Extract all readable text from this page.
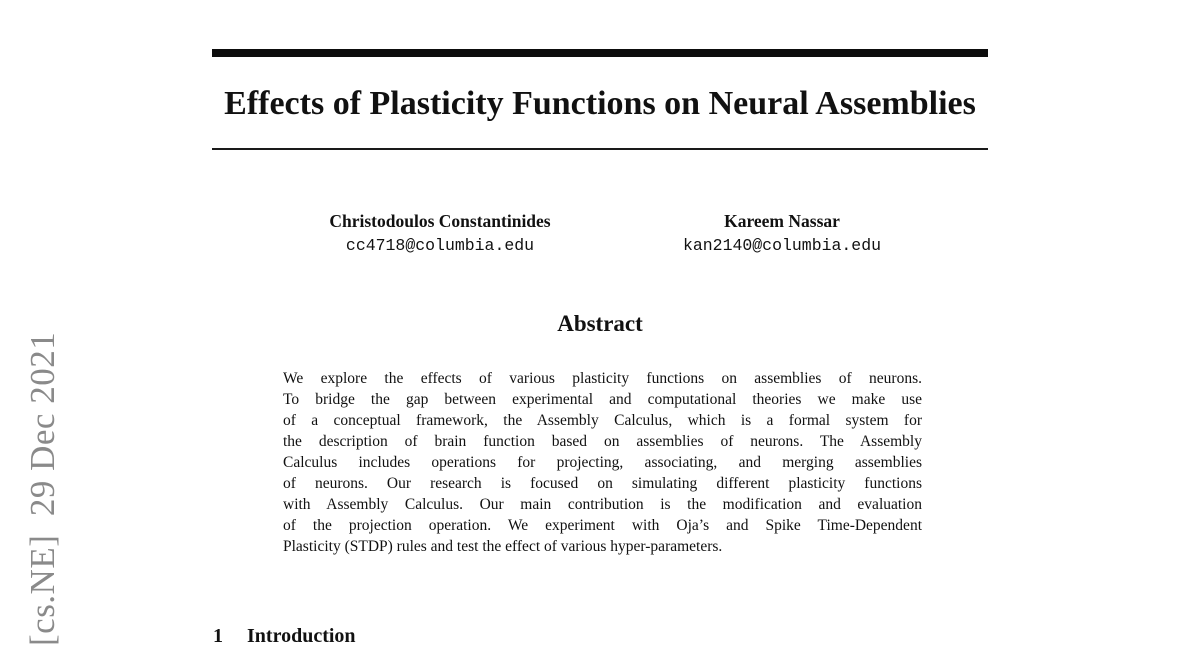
[cs.NE]  29 Dec 2021
Effects of Plasticity Functions on Neural Assemblies
Christodoulos Constantinides
cc4718@columbia.edu
Kareem Nassar
kan2140@columbia.edu
Abstract
We explore the effects of various plasticity functions on assemblies of neurons.
To bridge the gap between experimental and computational theories we make use
of a conceptual framework, the Assembly Calculus, which is a formal system for
the description of brain function based on assemblies of neurons. The Assembly
Calculus includes operations for projecting, associating, and merging assemblies
of neurons. Our research is focused on simulating different plasticity functions
with Assembly Calculus. Our main contribution is the modification and evaluation
of the projection operation. We experiment with Oja’s and Spike Time-Dependent
Plasticity (STDP) rules and test the effect of various hyper-parameters.
1 Introduction
